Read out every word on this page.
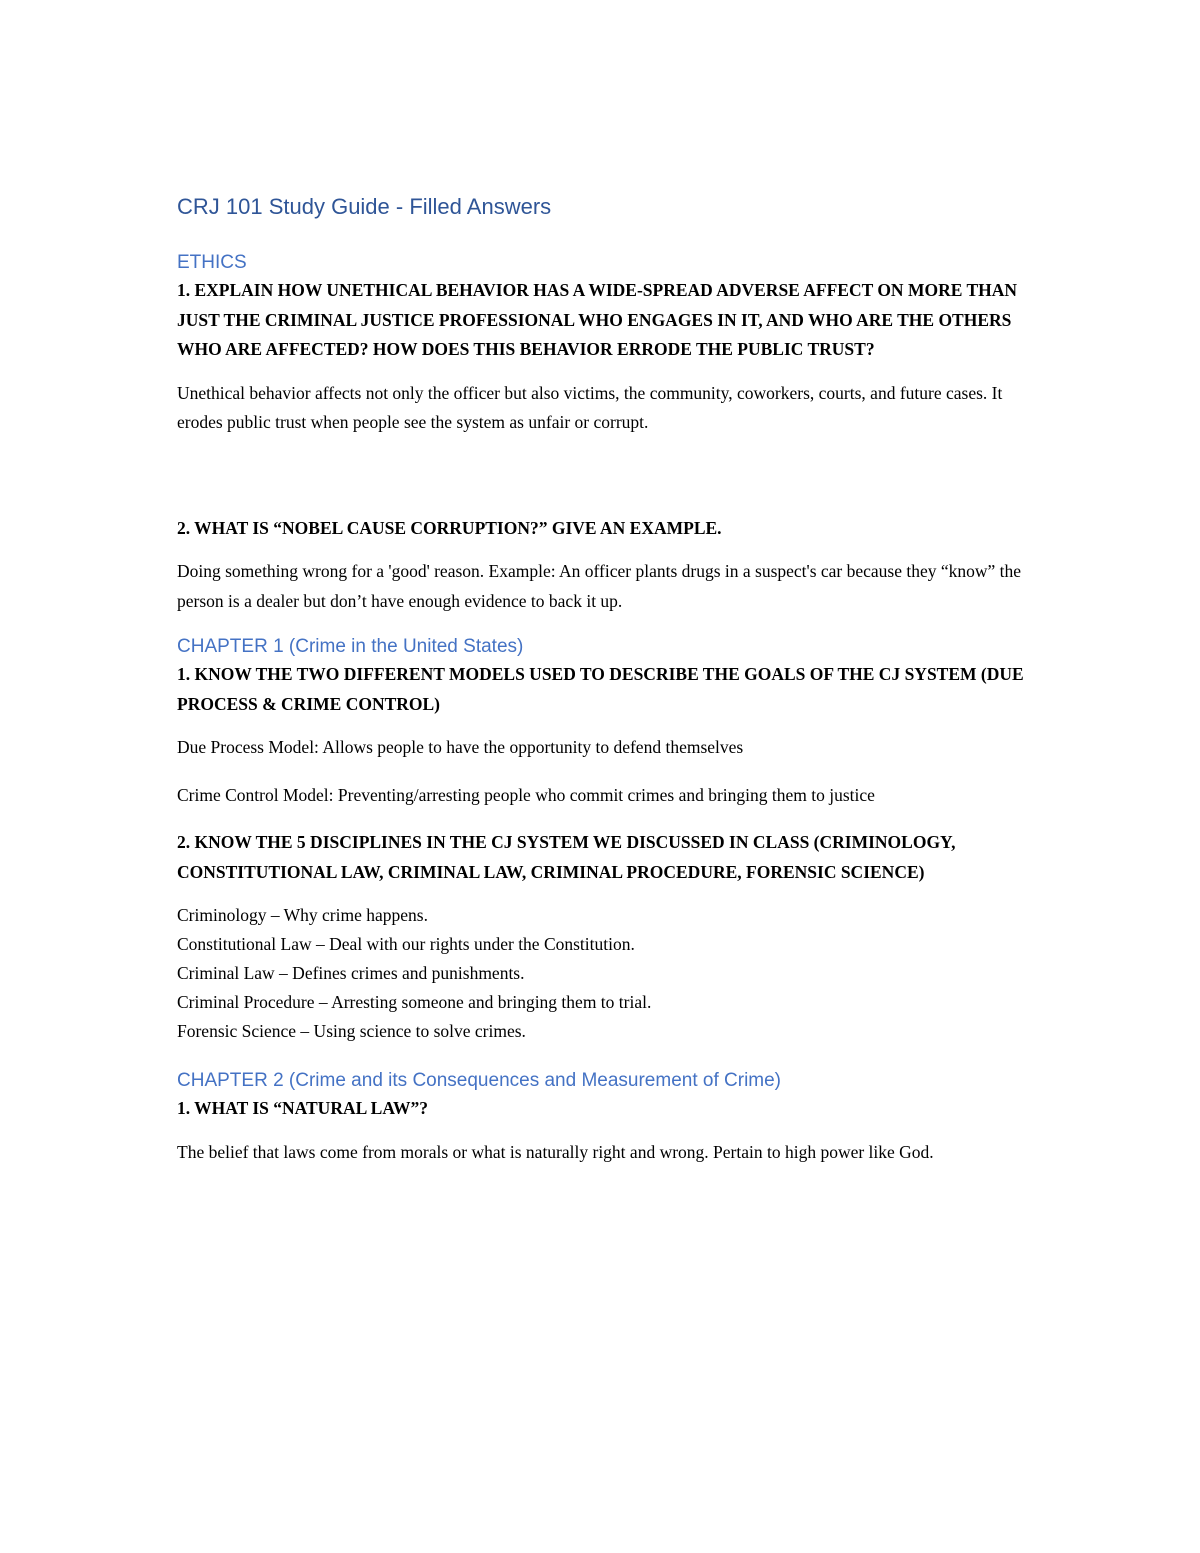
CRJ 101 Study Guide - Filled Answers
ETHICS

1. EXPLAIN HOW UNETHICAL BEHAVIOR HAS A WIDE-SPREAD ADVERSE AFFECT ON MORE THAN JUST THE CRIMINAL JUSTICE PROFESSIONAL WHO ENGAGES IN IT, AND WHO ARE THE OTHERS WHO ARE AFFECTED? HOW DOES THIS BEHAVIOR ERRODE THE PUBLIC TRUST?

Unethical behavior affects not only the officer but also victims, the community, coworkers, courts, and future cases. It erodes public trust when people see the system as unfair or corrupt.

2. WHAT IS “NOBEL CAUSE CORRUPTION?” GIVE AN EXAMPLE.

Doing something wrong for a 'good' reason. Example: An officer plants drugs in a suspect's car because they “know” the person is a dealer but don’t have enough evidence to back it up.

CHAPTER 1 (Crime in the United States)

1. KNOW THE TWO DIFFERENT MODELS USED TO DESCRIBE THE GOALS OF THE CJ SYSTEM (DUE PROCESS & CRIME CONTROL)

Due Process Model: Allows people to have the opportunity to defend themselves

Crime Control Model: Preventing/arresting people who commit crimes and bringing them to justice

2. KNOW THE 5 DISCIPLINES IN THE CJ SYSTEM WE DISCUSSED IN CLASS (CRIMINOLOGY, CONSTITUTIONAL LAW, CRIMINAL LAW, CRIMINAL PROCEDURE, FORENSIC SCIENCE)

Criminology – Why crime happens.
Constitutional Law – Deal with our rights under the Constitution.
Criminal Law – Defines crimes and punishments.
Criminal Procedure – Arresting someone and bringing them to trial.
Forensic Science – Using science to solve crimes.
CHAPTER 2 (Crime and its Consequences and Measurement of Crime)

1. WHAT IS “NATURAL LAW”?

The belief that laws come from morals or what is naturally right and wrong. Pertain to high power like God.
